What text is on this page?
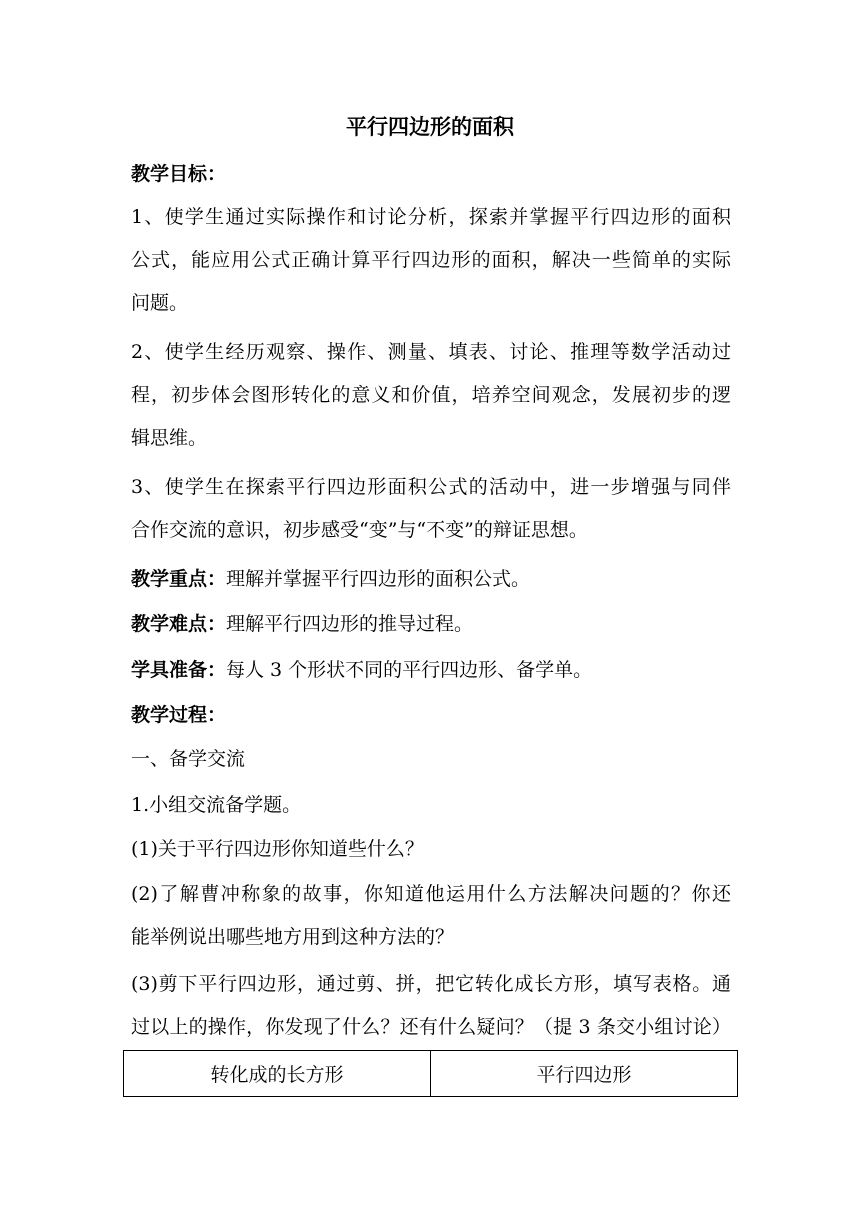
平行四边形的面积
教学目标：
1、使学生通过实际操作和讨论分析，探索并掌握平行四边形的面积
公式，能应用公式正确计算平行四边形的面积，解决一些简单的实际
问题。
2、使学生经历观察、操作、测量、填表、讨论、推理等数学活动过
程，初步体会图形转化的意义和价值，培养空间观念，发展初步的逻
辑思维。
3、使学生在探索平行四边形面积公式的活动中，进一步增强与同伴
合作交流的意识，初步感受“变”与“不变”的辩证思想。
教学重点：理解并掌握平行四边形的面积公式。
教学难点：理解平行四边形的推导过程。
学具准备：每人 3 个形状不同的平行四边形、备学单。
教学过程：
一、备学交流
1.小组交流备学题。
(1)关于平行四边形你知道些什么？
(2)了解曹冲称象的故事，你知道他运用什么方法解决问题的？你还
能举例说出哪些地方用到这种方法的？
(3)剪下平行四边形，通过剪、拼，把它转化成长方形，填写表格。通
过以上的操作，你发现了什么？还有什么疑问？（提 3 条交小组讨论）
转化成的长方形	平行四边形
